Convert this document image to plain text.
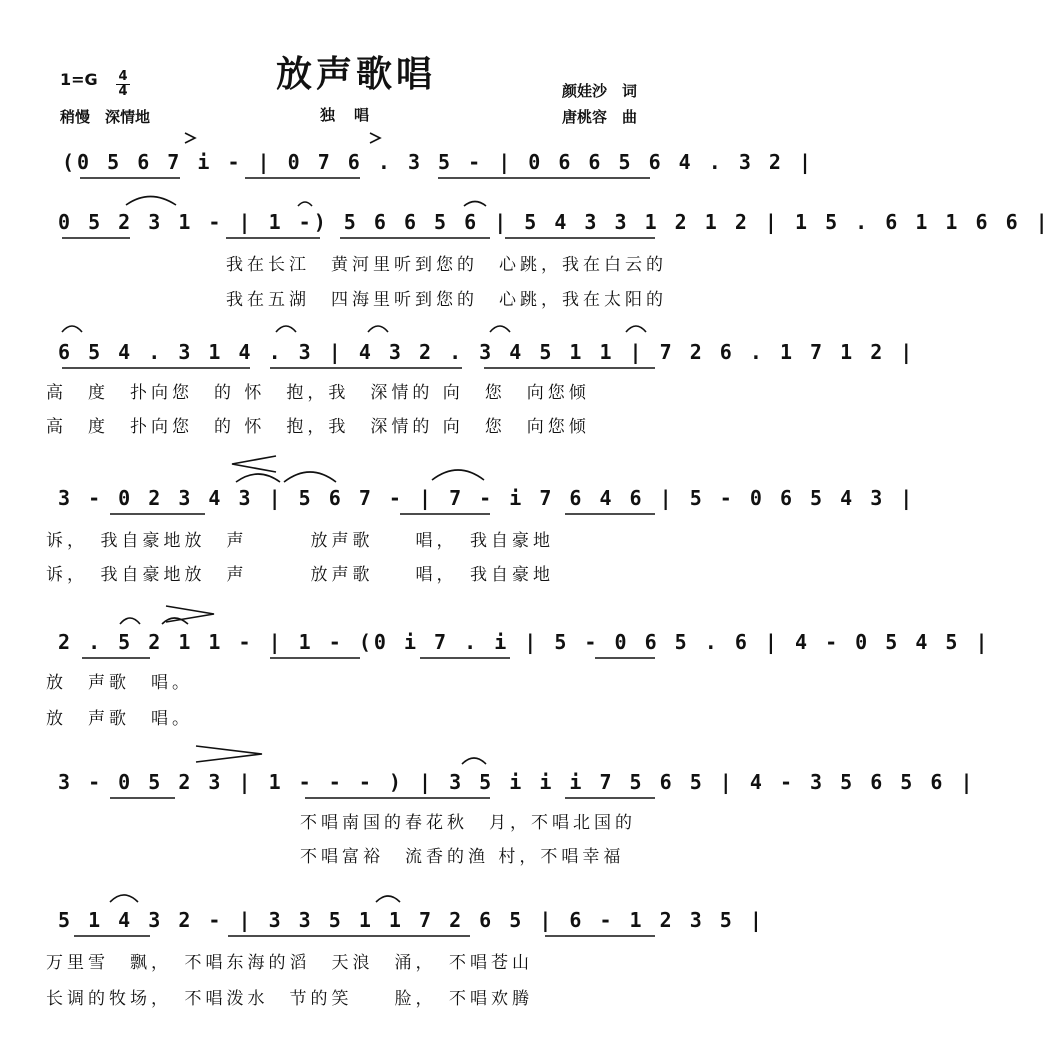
放声歌唱
1=G 4
4
稍慢　深情地	独　唱
颜娃沙　词
唐桃容　曲
(0 5 6 7 i - | 0 7 6 . 3 5 - | 0 6 6 5 6 4 . 3 2 |
0 5 2 3 1 - | 1 -) 5 6 6 5 6 | 5 4 3 3 1 2 1 2 | 1 5 . 6 1 1 6 6 |
我在长江　黄河里听到您的　心跳，我在白云的
我在五湖　四海里听到您的　心跳，我在太阳的
6 5 4 . 3 1 4 . 3 | 4 3 2 . 3 4 5 1 1 | 7 2 6 . 1 7 1 2 |
高　度　扑向您　的 怀　抱，我　深情的 向　您　向您倾
高　度　扑向您　的 怀　抱，我　深情的 向　您　向您倾
3 - 0 2 3 4 3 | 5 6 7 - | 7 - i 7 6 4 6 | 5 - 0 6 5 4 3 |
诉，　我自豪地放　声　　　放声歌　　唱，　我自豪地
诉，　我自豪地放　声　　　放声歌　　唱，　我自豪地
2 . 5 2 1 1 - | 1 - (0 i 7 . i | 5 - 0 6 5 . 6 | 4 - 0 5 4 5 |
放　声歌　唱。
放　声歌　唱。
3 - 0 5 2 3 | 1 - - - ) | 3 5 i i i 7 5 6 5 | 4 - 3 5 6 5 6 |
不唱南国的春花秋　月，不唱北国的
不唱富裕　流香的渔 村，不唱幸福
5 1 4 3 2 - | 3 3 5 1 1 7 2 6 5 | 6 - 1 2 3 5 |
万里雪　飘，　不唱东海的滔　天浪　涌，　不唱苍山
长调的牧场，　不唱泼水　节的笑　　脸，　不唱欢腾
